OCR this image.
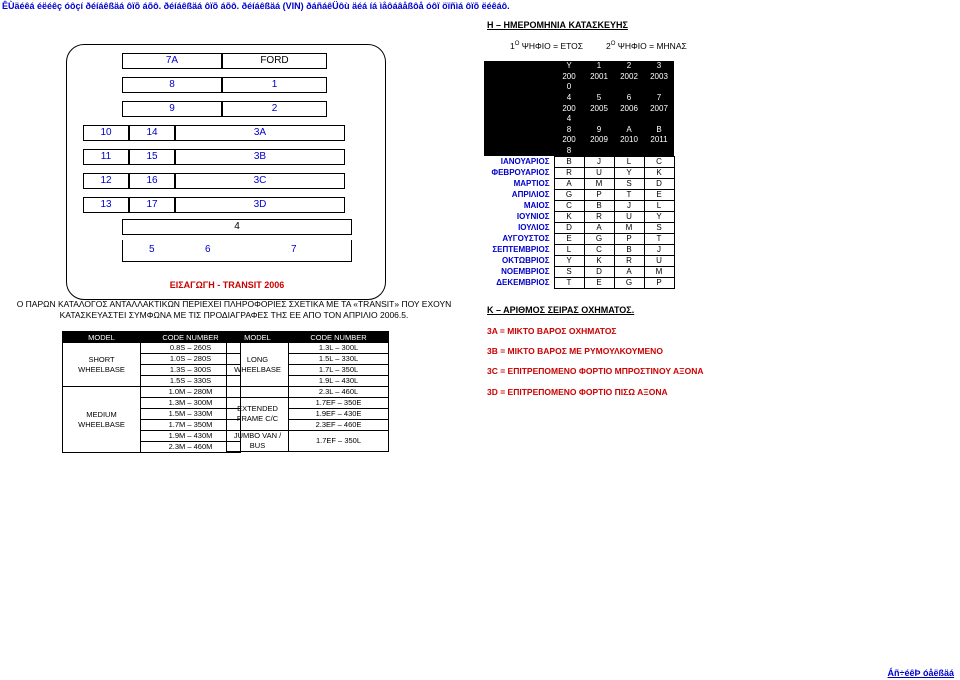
ÊÙäéêá éëéêç óôçí ðéíáêßäá ôïõ áõô. ðéíáêßäá ôïõ áõô. ðéíáêßäá (VIN) ðáñáêÜôù äéá íá ìåôáâåßôå óôï öïñìá ôïõ ëéêáô.
7A	FORD
8	1
9	2
10	14	3A
11	15	3B
12	16	3C
13	17	3D
4
5	6	7
ΕΙΣΑΓΩΓΗ - TRANSIT 2006
Ο ΠΑΡΩΝ ΚΑΤΑΛΟΓΟΣ ΑΝΤΑΛΛΑΚΤΙΚΩΝ ΠΕΡΙΕΧΕΙ ΠΛΗΡΟΦΟΡΙΕΣ ΣΧΕΤΙΚΑ ΜΕ ΤΑ «TRANSIT» ΠΟΥ ΕΧΟΥΝ ΚΑΤΑΣΚΕΥΑΣΤΕΙ ΣΥΜΦΩΝΑ ΜΕ ΤΙΣ ΠΡΟΔΙΑΓΡΑΦΕΣ ΤΗΣ ΕΕ ΑΠΟ ΤΟΝ ΑΠΡΙΛΙΟ 2006.5.
MODEL	CODE NUMBER
SHORT WHEELBASE	0.8S – 260S
	1.0S – 280S
	1.3S – 300S
	1.5S – 330S
MEDIUM WHEELBASE	1.0M – 280M
	1.3M – 300M
	1.5M – 330M
	1.7M – 350M
	1.9M – 430M
	2.3M – 460M
MODEL	CODE NUMBER
LONG WHEELBASE	1.3L – 300L
	1.5L – 330L
	1.7L – 350L
	1.9L – 430L
	2.3L – 460L
EXTENDED FRAME C/C	1.7EF – 350E
	1.9EF – 430E
	2.3EF – 460E
JUMBO VAN / BUS	1.7EF – 350L

Η – ΗΜΕΡΟΜΗΝΙΑ ΚΑΤΑΣΚΕΥΗΣ
$1^O$ ΨΗΦΙΟ = ΕΤΟΣ	$2^O$ ΨΗΦΙΟ = ΜΗΝΑΣ
	Y	1	2	3
	200	2001	2002	2003
	0			
	4	5	6	7
	200	2005	2006	2007
	4			
	8	9	A	B
	200	2009	2010	2011
	8			
ΙΑΝΟΥΑΡΙΟΣ	B	J	L	C
ΦΕΒΡΟΥΑΡΙΟΣ	R	U	Y	K
ΜΑΡΤΙΟΣ	A	M	S	D
ΑΠΡΙΛΙΟΣ	G	P	T	E
ΜΑΙΟΣ	C	B	J	L
ΙΟΥΝΙΟΣ	K	R	U	Y
ΙΟΥΛΙΟΣ	D	A	M	S
ΑΥΓΟΥΣΤΟΣ	E	G	P	T
ΣΕΠΤΕΜΒΡΙΟΣ	L	C	B	J
ΟΚΤΩΒΡΙΟΣ	Y	K	R	U
ΝΟΕΜΒΡΙΟΣ	S	D	A	M
ΔΕΚΕΜΒΡΙΟΣ	T	E	G	P
Κ – ΑΡΙΘΜΟΣ ΣΕΙΡΑΣ ΟΧΗΜΑΤΟΣ.
3A = ΜΙΚΤΟ ΒΑΡΟΣ ΟΧΗΜΑΤΟΣ
3B = ΜΙΚΤΟ ΒΑΡΟΣ ΜΕ ΡΥΜΟΥΛΚΟΥΜΕΝΟ
3C = ΕΠΙΤΡΕΠΟΜΕΝΟ ΦΟΡΤΙΟ ΜΠΡΟΣΤΙΝΟΥ ΑΞΟΝΑ
3D = ΕΠΙΤΡΕΠΟΜΕΝΟ ΦΟΡΤΙΟ ΠΙΣΩ ΑΞΟΝΑ
Áñ÷éêÞ óåëßäá
